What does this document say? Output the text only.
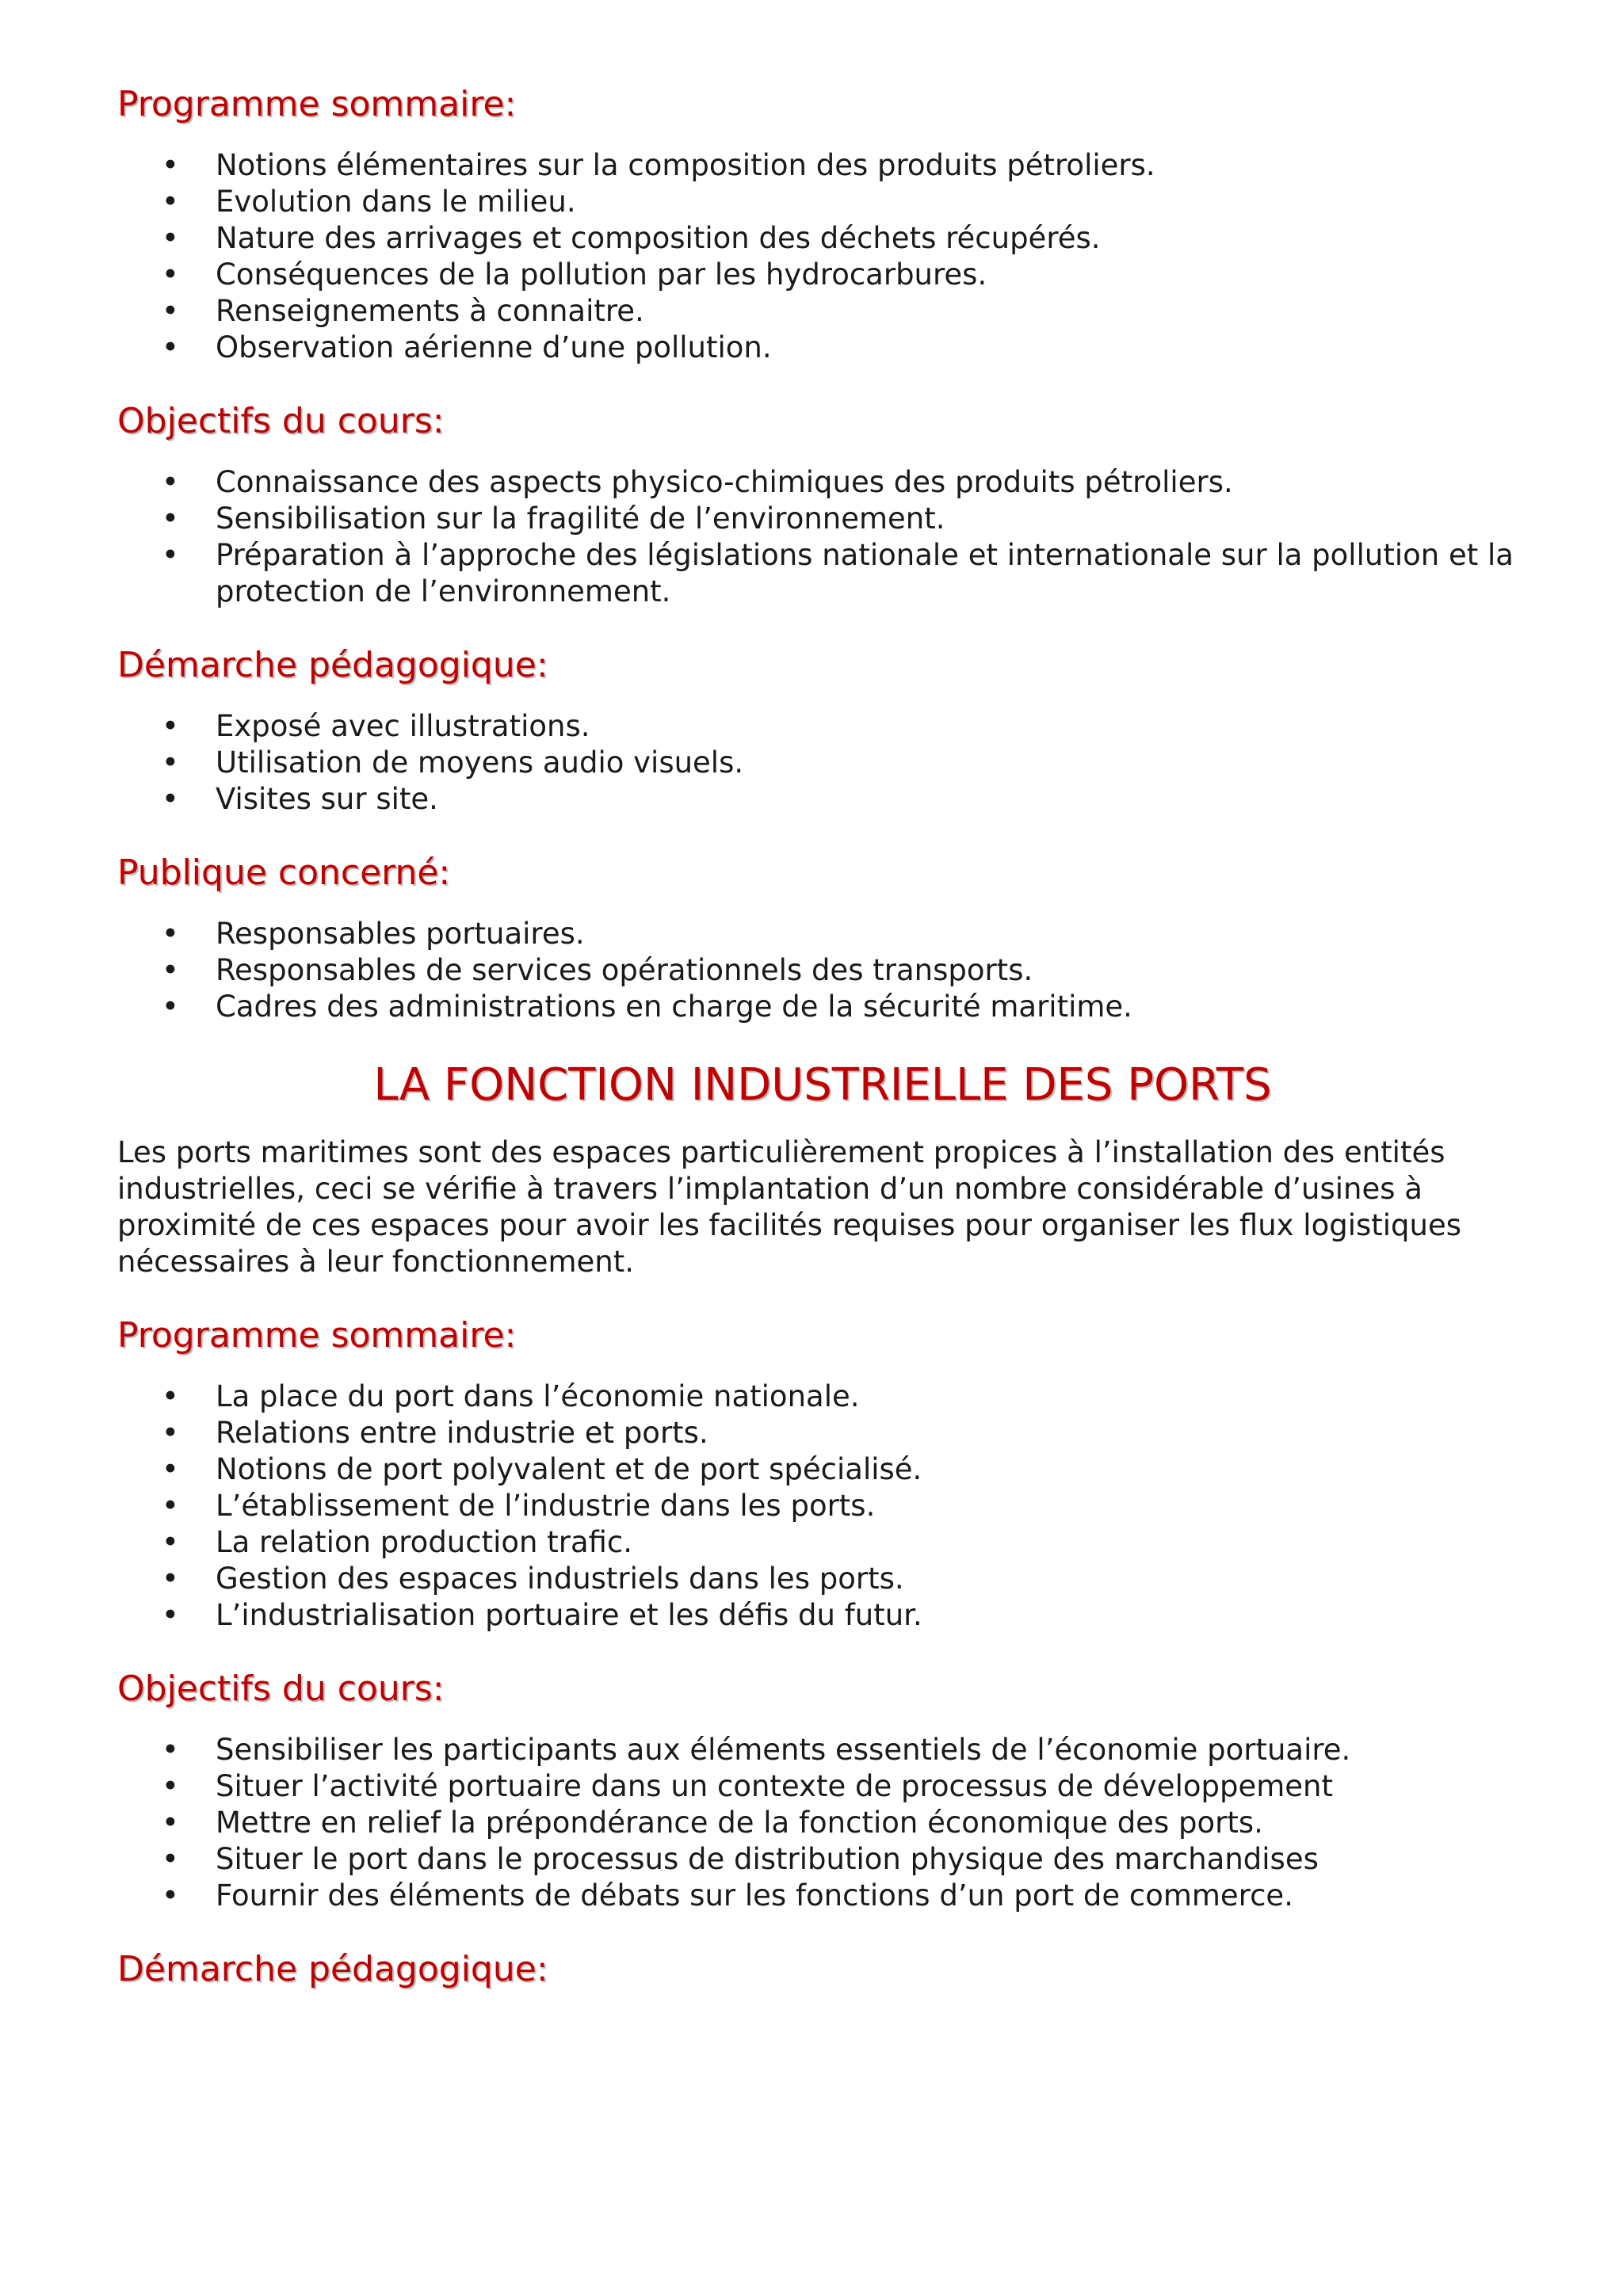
Programme sommaire:
• Notions élémentaires sur la composition des produits pétroliers.
• Evolution dans le milieu.
• Nature des arrivages et composition des déchets récupérés.
• Conséquences de la pollution par les hydrocarbures.
• Renseignements à connaitre.
• Observation aérienne d’une pollution.
Objectifs du cours:
• Connaissance des aspects physico-chimiques des produits pétroliers.
• Sensibilisation sur la fragilité de l’environnement.
• Préparation à l’approche des législations nationale et internationale sur la pollution et la protection de l’environnement.
Démarche pédagogique:
• Exposé avec illustrations.
• Utilisation de moyens audio visuels.
• Visites sur site.
Publique concerné:
• Responsables portuaires.
• Responsables de services opérationnels des transports.
• Cadres des administrations en charge de la sécurité maritime.
LA FONCTION INDUSTRIELLE DES PORTS

Les ports maritimes sont des espaces particulièrement propices à l’installation des entités industrielles, ceci se vérifie à travers l’implantation d’un nombre considérable d’usines à proximité de ces espaces pour avoir les facilités requises pour organiser les flux logistiques nécessaires à leur fonctionnement.

Programme sommaire:
• La place du port dans l’économie nationale.
• Relations entre industrie et ports.
• Notions de port polyvalent et de port spécialisé.
• L’établissement de l’industrie dans les ports.
• La relation production trafic.
• Gestion des espaces industriels dans les ports.
• L’industrialisation portuaire et les défis du futur.
Objectifs du cours:
• Sensibiliser les participants aux éléments essentiels de l’économie portuaire.
• Situer l’activité portuaire dans un contexte de processus de développement
• Mettre en relief la prépondérance de la fonction économique des ports.
• Situer le port dans le processus de distribution physique des marchandises
• Fournir des éléments de débats sur les fonctions d’un port de commerce.
Démarche pédagogique:
